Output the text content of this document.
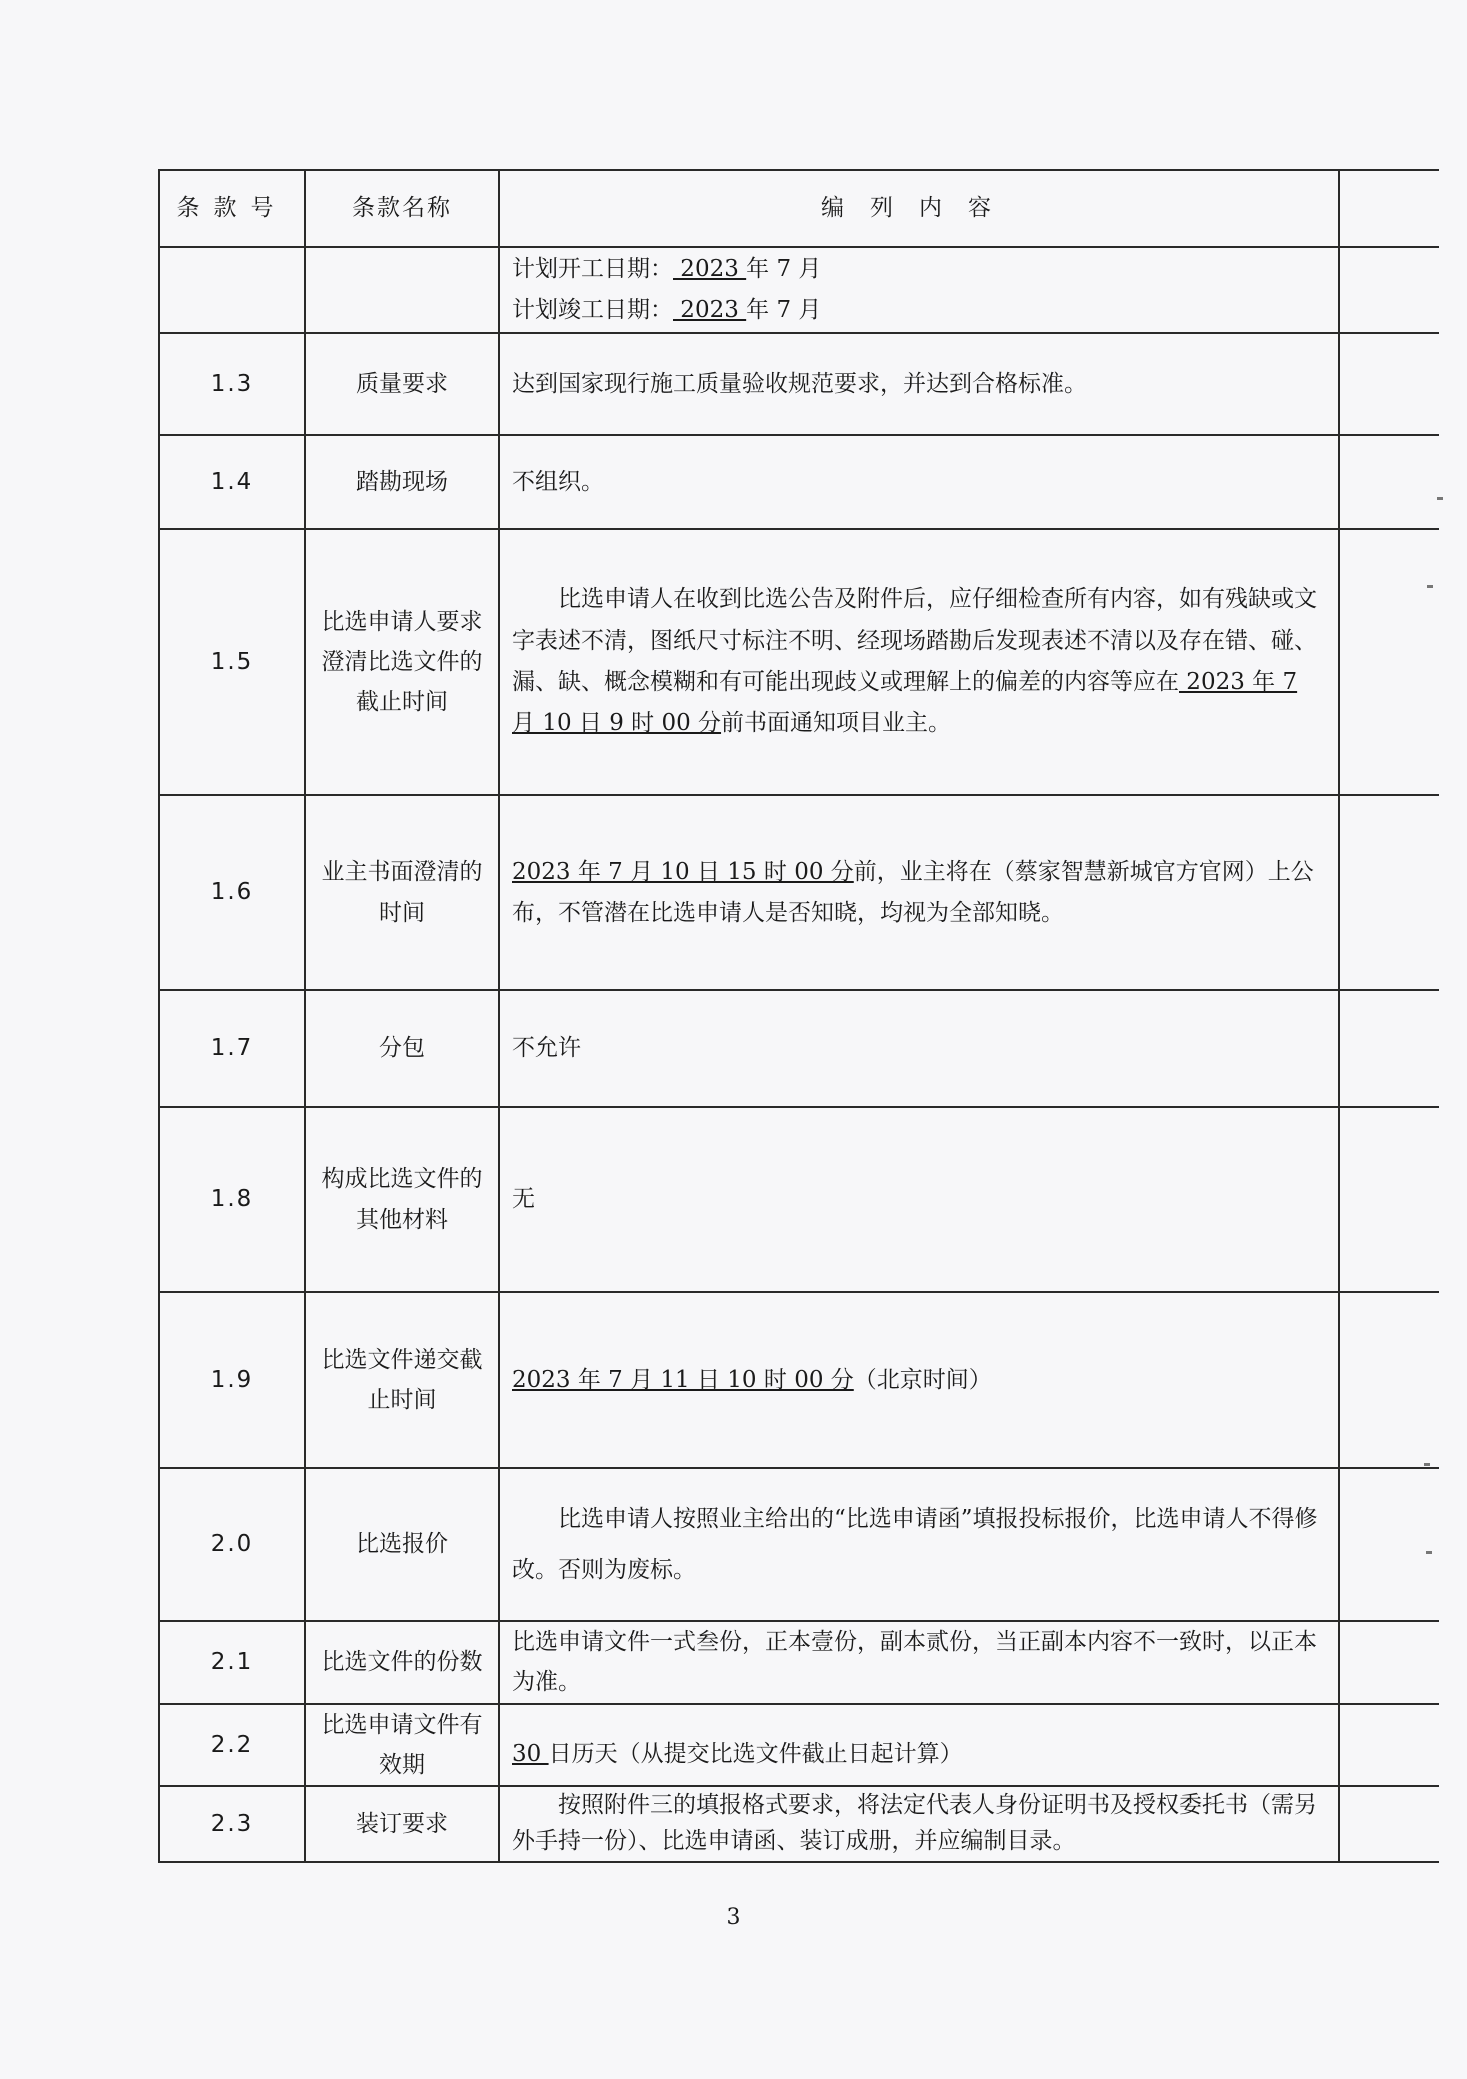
条款号	条款名称	编列内容	

		计划开工日期： 2023 年 7 月
计划竣工日期： 2023 年 7 月	

1.3	质量要求	达到国家现行施工质量验收规范要求，并达到合格标准。	
1.4	踏勘现场	不组织。	
1.5	比选申请人要求澄清比选文件的截止时间	比选申请人在收到比选公告及附件后，应仔细检查所有内容，如有残缺或文字表述不清，图纸尺寸标注不明、经现场踏勘后发现表述不清以及存在错、碰、漏、缺、概念模糊和有可能出现歧义或理解上的偏差的内容等应在 2023 年 7 月 10 日 9 时 00 分前书面通知项目业主。	

1.6	业主书面澄清的时间	2023 年 7 月 10 日 15 时 00 分前，业主将在（蔡家智慧新城官方官网）上公布，不管潜在比选申请人是否知晓，均视为全部知晓。	
1.7	分包	不允许	
1.8	构成比选文件的其他材料	无	
1.9	比选文件递交截止时间	2023 年 7 月 11 日 10 时 00 分（北京时间）	
2.0	比选报价	比选申请人按照业主给出的“比选申请函”填报投标报价，比选申请人不得修改。否则为废标。	

2.1	比选文件的份数	比选申请文件一式叁份，正本壹份，副本贰份，当正副本内容不一致时，以正本为准。	
2.2	比选申请文件有效期	30 日历天（从提交比选文件截止日起计算）	
2.3	装订要求	按照附件三的填报格式要求，将法定代表人身份证明书及授权委托书（需另外手持一份）、比选申请函、装订成册，并应编制目录。	

3
